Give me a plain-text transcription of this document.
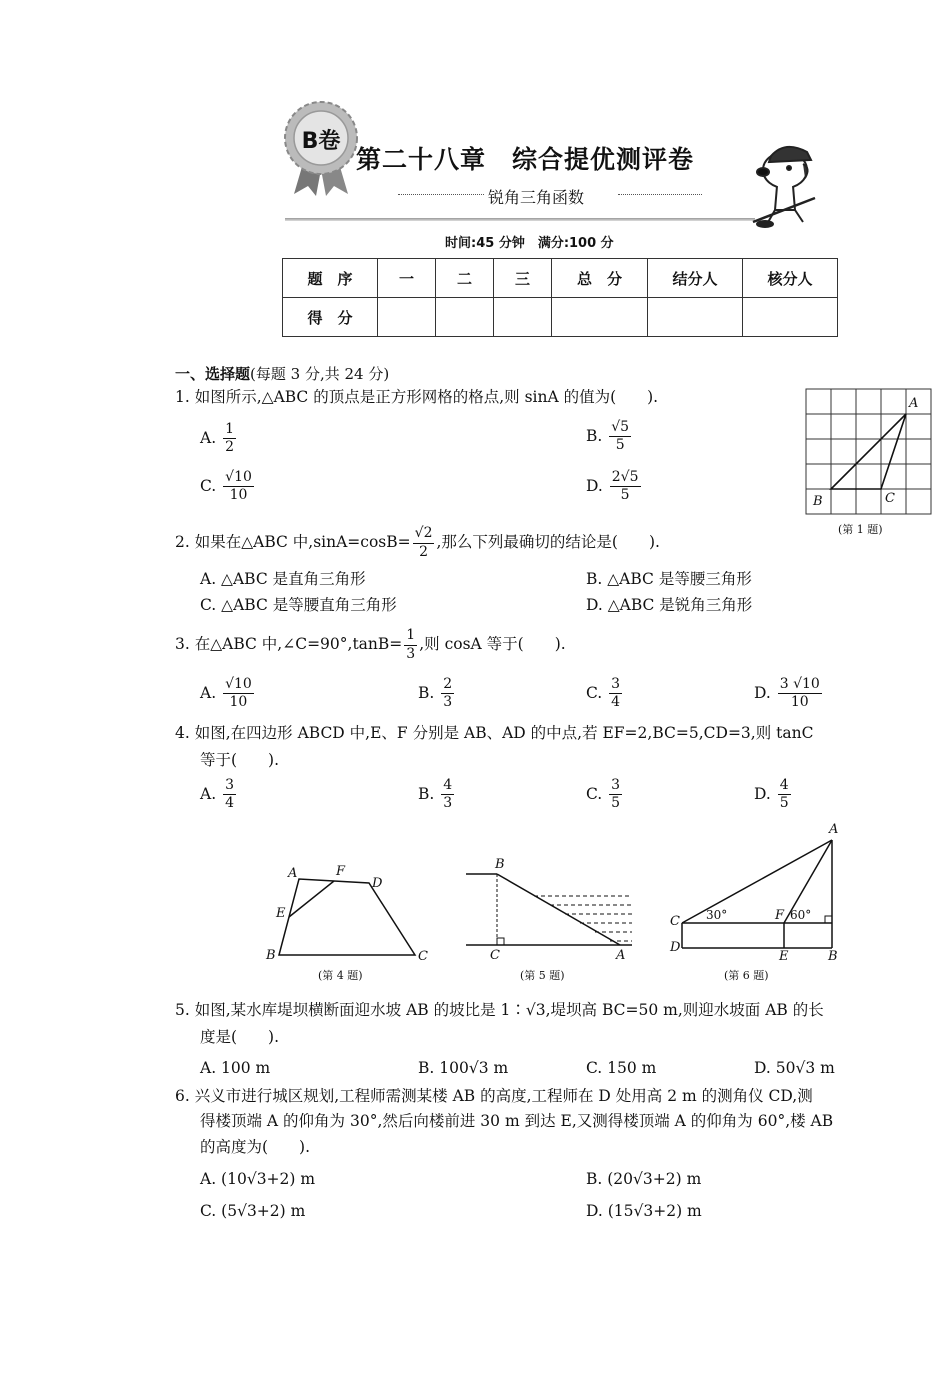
B卷
第二十八章　综合提优测评卷
锐角三角函数
时间:45 分钟　满分:100 分
题　序	一	二	三	总　分	结分人	核分人
得　分						
一、选择题(每题 3 分,共 24 分)
1. 如图所示,△ABC 的顶点是正方形网格的格点,则 sinA 的值为(　　).
A. $\frac{1}{2}$	B. $\frac{√5}{5}$
C. $\frac{√10}{10}$	D. $\frac{2√5}{5}$
A
B	C
(第 1 题)
2. 如果在△ABC 中$,\sin A=\cos B= \frac{√2}{2}$ ,那么下列最确切的结论是(　　).
A. △ABC 是直角三角形	B. △ABC 是等腰三角形
C. △ABC 是等腰直角三角形	D. △ABC 是锐角三角形
3. 在△ABC 中,∠C=90°,tanB= $\frac{1}{3}$ ,则 cosA 等于(　　).
A. $\frac{√10}{10}$	B. $\frac{2}{3}$	C. $\frac{3}{4}$	D. $\frac{3 √10}{10}$
4. 如图,在四边形 ABCD 中,E、F 分别是 AB、AD 的中点,若 EF=2,BC=5,CD=3,则 tanC
等于(　　).
A. $\frac{3}{4}$	B. $\frac{4}{3}$	C. $\frac{3}{5}$	D. $\frac{4}{5}$
A	F
D
E
B	C
(第 4 题)
B
C	A
(第 5 题)
A
C 30°	F 60°
D
E	B
(第 6 题)
5. 如图,某水库堤坝横断面迎水坡 AB 的坡比是 1∶√3,堤坝高 BC=50 m,则迎水坡面 AB 的长
度是(　　).
A. 100 m	B. 100√3 m	C. 150 m	D. 50√3 m
6. 兴义市进行城区规划,工程师需测某楼 AB 的高度,工程师在 D 处用高 2 m 的测角仪 CD,测
得楼顶端 A 的仰角为 30°,然后向楼前进 30 m 到达 E,又测得楼顶端 A 的仰角为 60°,楼 AB
的高度为(　　).
A. (10√3+2) m	B. (20√3+2) m
C. (5√3+2) m	D. (15√3+2) m
